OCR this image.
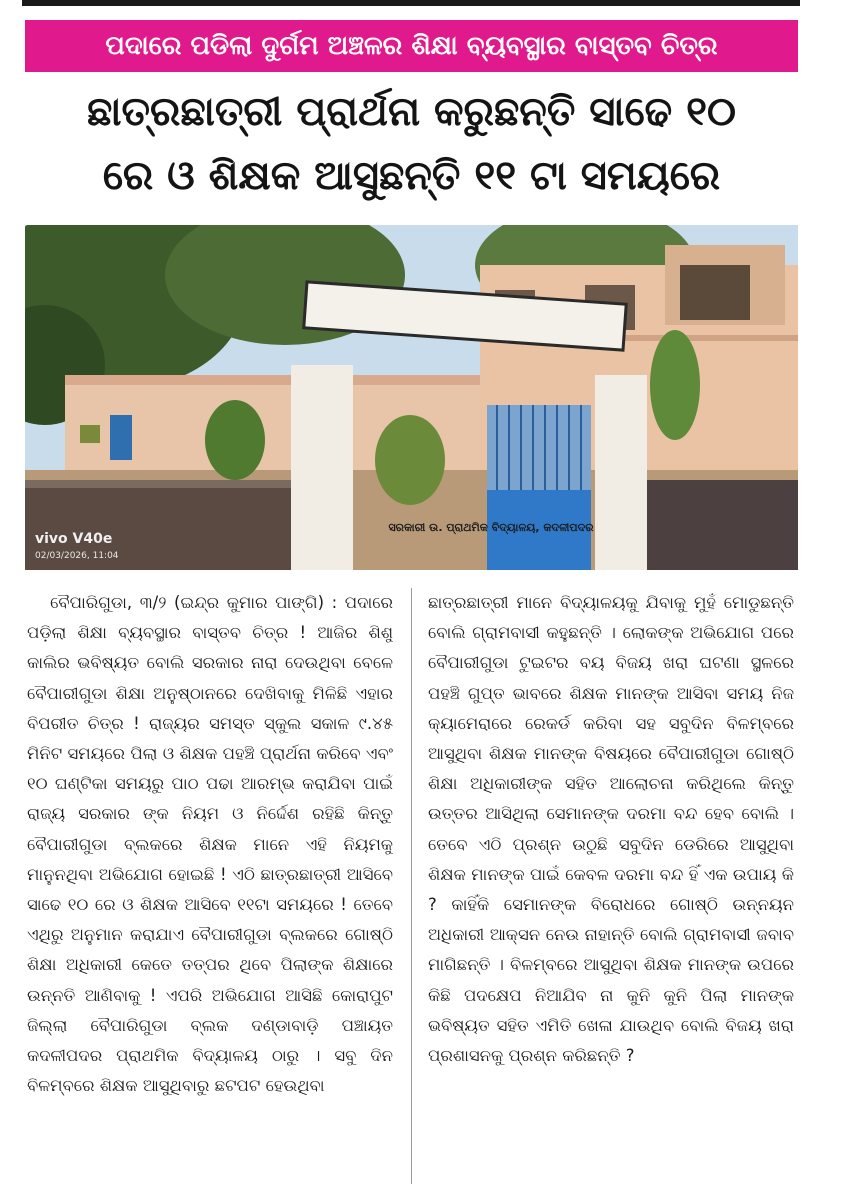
ପଦାରେ ପଡିଲା ଦୁର୍ଗମ ଅଞ୍ଚଳର ଶିକ୍ଷା ବ୍ୟବସ୍ଥାର ବାସ୍ତବ ଚିତ୍ର
ଛାତ୍ରଛାତ୍ରୀ ପ୍ରାର୍ଥନା କରୁଛନ୍ତି ସାଢେ ୧୦
ରେ ଓ ଶିକ୍ଷକ ଆସୁଛନ୍ତି ୧୧ ଟା ସମୟରେ
ସରକାରୀ ଉ. ପ୍ରାଥମିକ ବିଦ୍ୟାଳୟ, କଦଳୀପଦର
vivo V40e
02/03/2026, 11:04

ବୈପାରିଗୁଡା, ୩/୨ (ଇନ୍ଦ୍ର କୁମାର ପାଙ୍ଗି) : ପଦାରେ ପଡ଼ିଲା ଶିକ୍ଷା ବ୍ୟବସ୍ଥାର ବାସ୍ତବ ଚିତ୍ର ! ଆଜିର ଶିଶୁ କାଲିର ଭବିଷ୍ୟତ ବୋଲି ସରକାର ନାରା ଦେଉଥିବା ବେଳେ ବୈପାରୀଗୁଡା ଶିକ୍ଷା ଅନୁଷ୍ଠାନରେ ଦେଖିବାକୁ ମିଳିଛି ଏହାର ବିପରୀତ ଚିତ୍ର ! ରାଜ୍ୟର ସମସ୍ତ ସ୍କୁଲ ସକାଳ ୯.୪୫ ମିନିଟ ସମୟରେ ପିଲା ଓ ଶିକ୍ଷକ ପହଞ୍ଚି ପ୍ରାର୍ଥନା କରିବେ ଏବଂ ୧୦ ଘଣ୍ଟିକା ସମୟରୁ ପାଠ ପଢା ଆରମ୍ଭ କରାଯିବା ପାଇଁ ରାଜ୍ୟ ସରକାର ଙ୍କ ନିୟମ ଓ ନିର୍ଦ୍ଦେଶ ରହିଛି କିନ୍ତୁ ବୈପାରୀଗୁଡା ବ୍ଲକରେ ଶିକ୍ଷକ ମାନେ ଏହି ନିୟମକୁ ମାନୁନଥିବା ଅଭିଯୋଗ ହୋଇଛି ! ଏଠି ଛାତ୍ରଛାତ୍ରୀ ଆସିବେ ସାଢେ ୧୦ ରେ ଓ ଶିକ୍ଷକ ଆସିବେ ୧୧ଟା ସମୟରେ ! ତେବେ ଏଥିରୁ ଅନୁମାନ କରାଯାଏ ବୈପାରୀଗୁଡା ବ୍ଲକରେ ଗୋଷ୍ଠି ଶିକ୍ଷା ଅଧିକାରୀ କେତେ ତତ୍ପର ଥିବେ ପିଲାଙ୍କ ଶିକ୍ଷାରେ ଉନ୍ନତି ଆଣିବାକୁ ! ଏପରି ଅଭିଯୋଗ ଆସିଛି କୋରାପୁଟ ଜିଲ୍ଲା ବୈପାରିଗୁଡା ବ୍ଲକ ଦଣ୍ଡାବାଡ଼ି ପଞ୍ଚାୟତ କଦଳୀପଦର ପ୍ରାଥମିକ ବିଦ୍ୟାଳୟ ଠାରୁ । ସବୁ ଦିନ ବିଳମ୍ବରେ ଶିକ୍ଷକ ଆସୁଥିବାରୁ ଛଟପଟ ହେଉଥିବା

ଛାତ୍ରଛାତ୍ରୀ ମାନେ ବିଦ୍ୟାଳୟକୁ ଯିବାକୁ ମୁହଁ ମୋଡୁଛନ୍ତି ବୋଲି ଗ୍ରାମବାସୀ କହୁଛନ୍ତି । ଲୋକଙ୍କ ଅଭିଯୋଗ ପରେ ବୈପାରୀଗୁଡା ଟୁଇଟର ବୟ ବିଜୟ ଖରା ଘଟଣା ସ୍ଥଳରେ ପହଞ୍ଚି ଗୁପ୍ତ ଭାବରେ ଶିକ୍ଷକ ମାନଙ୍କ ଆସିବା ସମୟ ନିଜ କ୍ୟାମେରାରେ ରେକର୍ଡ କରିବା ସହ ସବୁଦିନ ବିଳମ୍ବରେ ଆସୁଥିବା ଶିକ୍ଷକ ମାନଙ୍କ ବିଷୟରେ ବୈପାରୀଗୁଡା ଗୋଷ୍ଠି ଶିକ୍ଷା ଅଧିକାରୀଙ୍କ ସହିତ ଆଲୋଚନା କରିଥିଲେ କିନ୍ତୁ ଉତ୍ତର ଆସିଥିଲା ସେମାନଙ୍କ ଦରମା ବନ୍ଦ ହେବ ବୋଲି । ତେବେ ଏଠି ପ୍ରଶ୍ନ ଉଠୁଛି ସବୁଦିନ ଡେରିରେ ଆସୁଥିବା ଶିକ୍ଷକ ମାନଙ୍କ ପାଇଁ କେବଳ ଦରମା ବନ୍ଦ ହିଁ ଏକ ଉପାୟ କି ? କାହିଁକି ସେମାନଙ୍କ ବିରୋଧରେ ଗୋଷ୍ଠି ଉନ୍ନୟନ ଅଧିକାରୀ ଆକ୍ସନ ନେଉ ନାହାନ୍ତି ବୋଲି ଗ୍ରାମବାସୀ ଜବାବ ମାଗିଛନ୍ତି । ବିଳମ୍ବରେ ଆସୁଥିବା ଶିକ୍ଷକ ମାନଙ୍କ ଉପରେ କିଛି ପଦକ୍ଷେପ ନିଆଯିବ ନା କୁନି କୁନି ପିଲା ମାନଙ୍କ ଭବିଷ୍ୟତ ସହିତ ଏମିତି ଖେଳା ଯାଉଥିବ ବୋଲି ବିଜୟ ଖରା ପ୍ରଶାସନକୁ ପ୍ରଶ୍ନ କରିଛନ୍ତି ?
